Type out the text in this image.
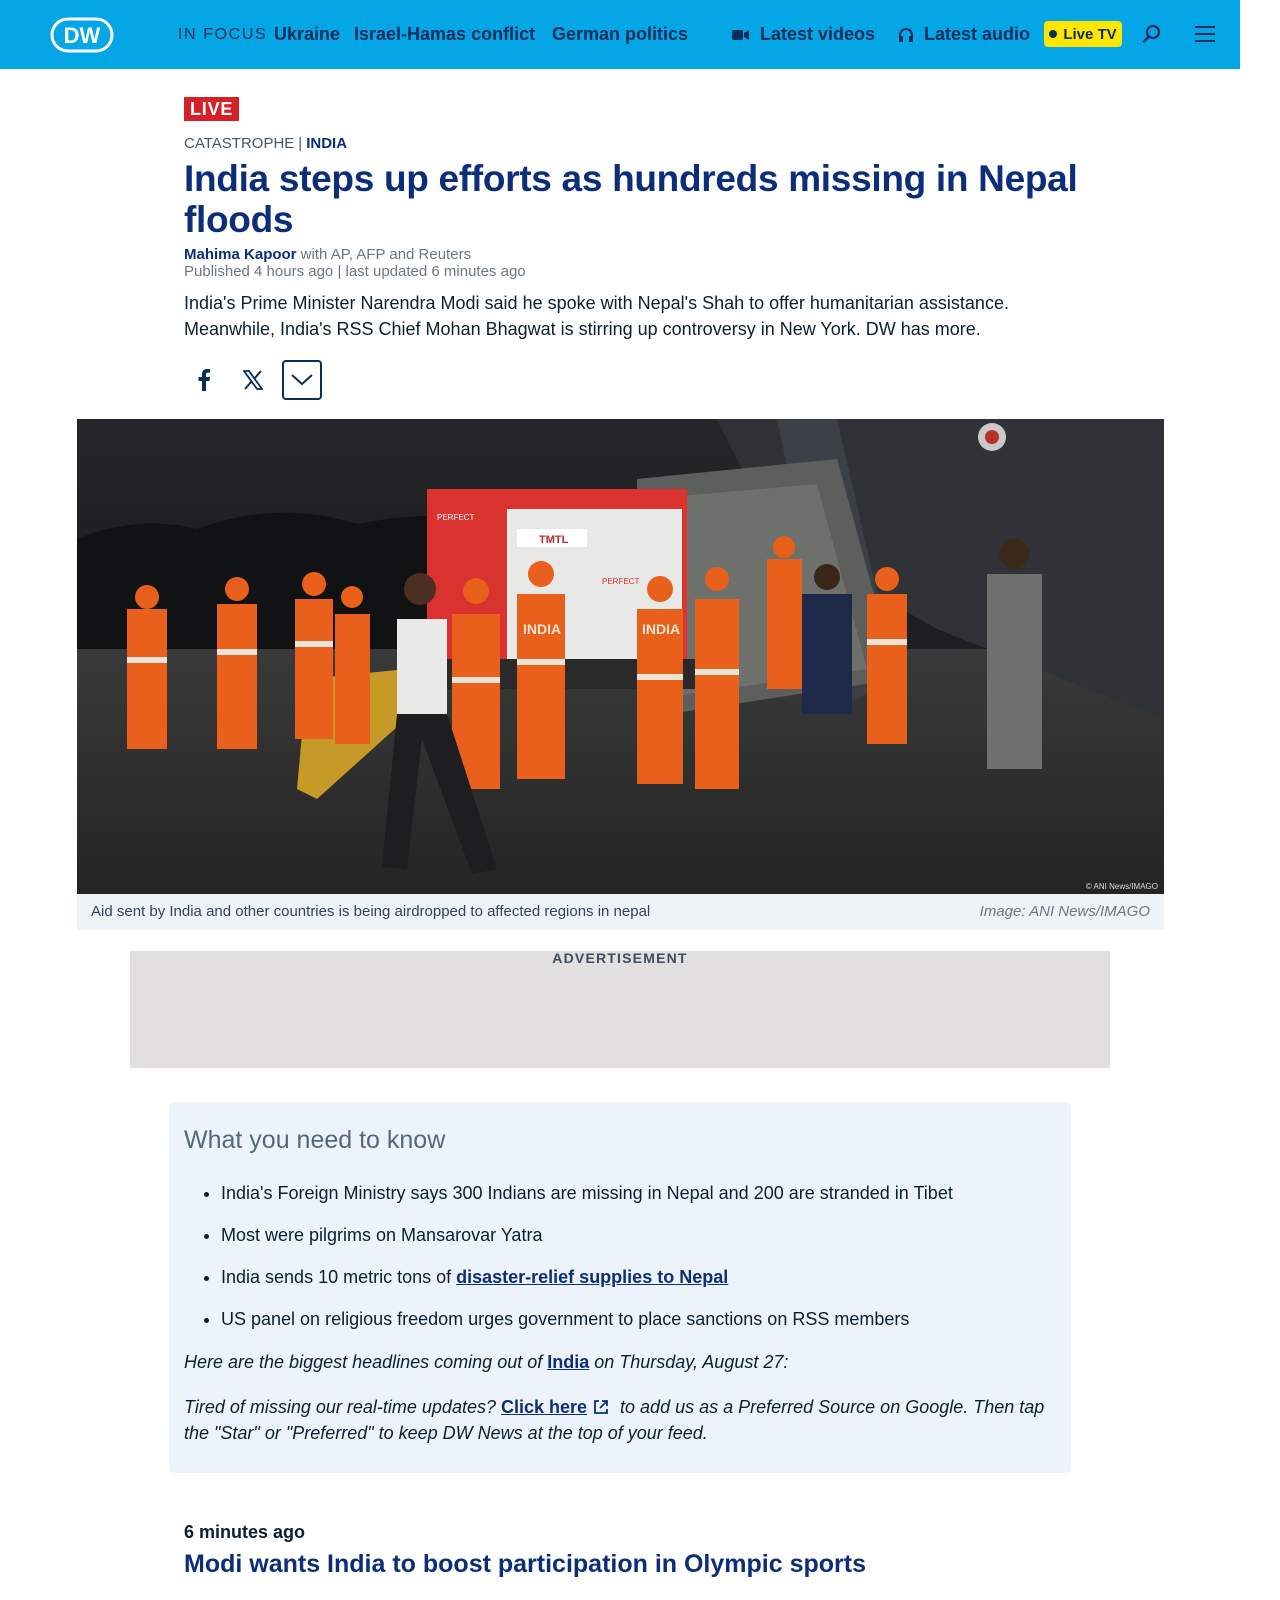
DW	IN FOCUS Ukraine Israel-Hamas conflict German politics	Latest videos	Latest audio Live TV
LIVE
CATASTROPHE | INDIA
India steps up efforts as hundreds missing in Nepal floods
Mahima Kapoor with AP, AFP and Reuters
Published 4 hours ago | last updated 6 minutes ago

India's Prime Minister Narendra Modi said he spoke with Nepal's Shah to offer humanitarian assistance. Meanwhile, India's RSS Chief Mohan Bhagwat is stirring up controversy in New York. DW has more.

TMTL
PERFECT
PERFECT
INDIA	INDIA
© ANI News/IMAGO
Aid sent by India and other countries is being airdropped to affected regions in nepal	Image: ANI News/IMAGO
ADVERTISEMENT
What you need to know
• India's Foreign Ministry says 300 Indians are missing in Nepal and 200 are stranded in Tibet
• Most were pilgrims on Mansarovar Yatra
• India sends 10 metric tons of disaster-relief supplies to Nepal
• US panel on religious freedom urges government to place sanctions on RSS members

Here are the biggest headlines coming out of India on Thursday, August 27:

Tired of missing our real-time updates? Click here to add us as a Preferred Source on Google. Then tap the "Star" or "Preferred" to keep DW News at the top of your feed.

6 minutes ago
Modi wants India to boost participation in Olympic sports
